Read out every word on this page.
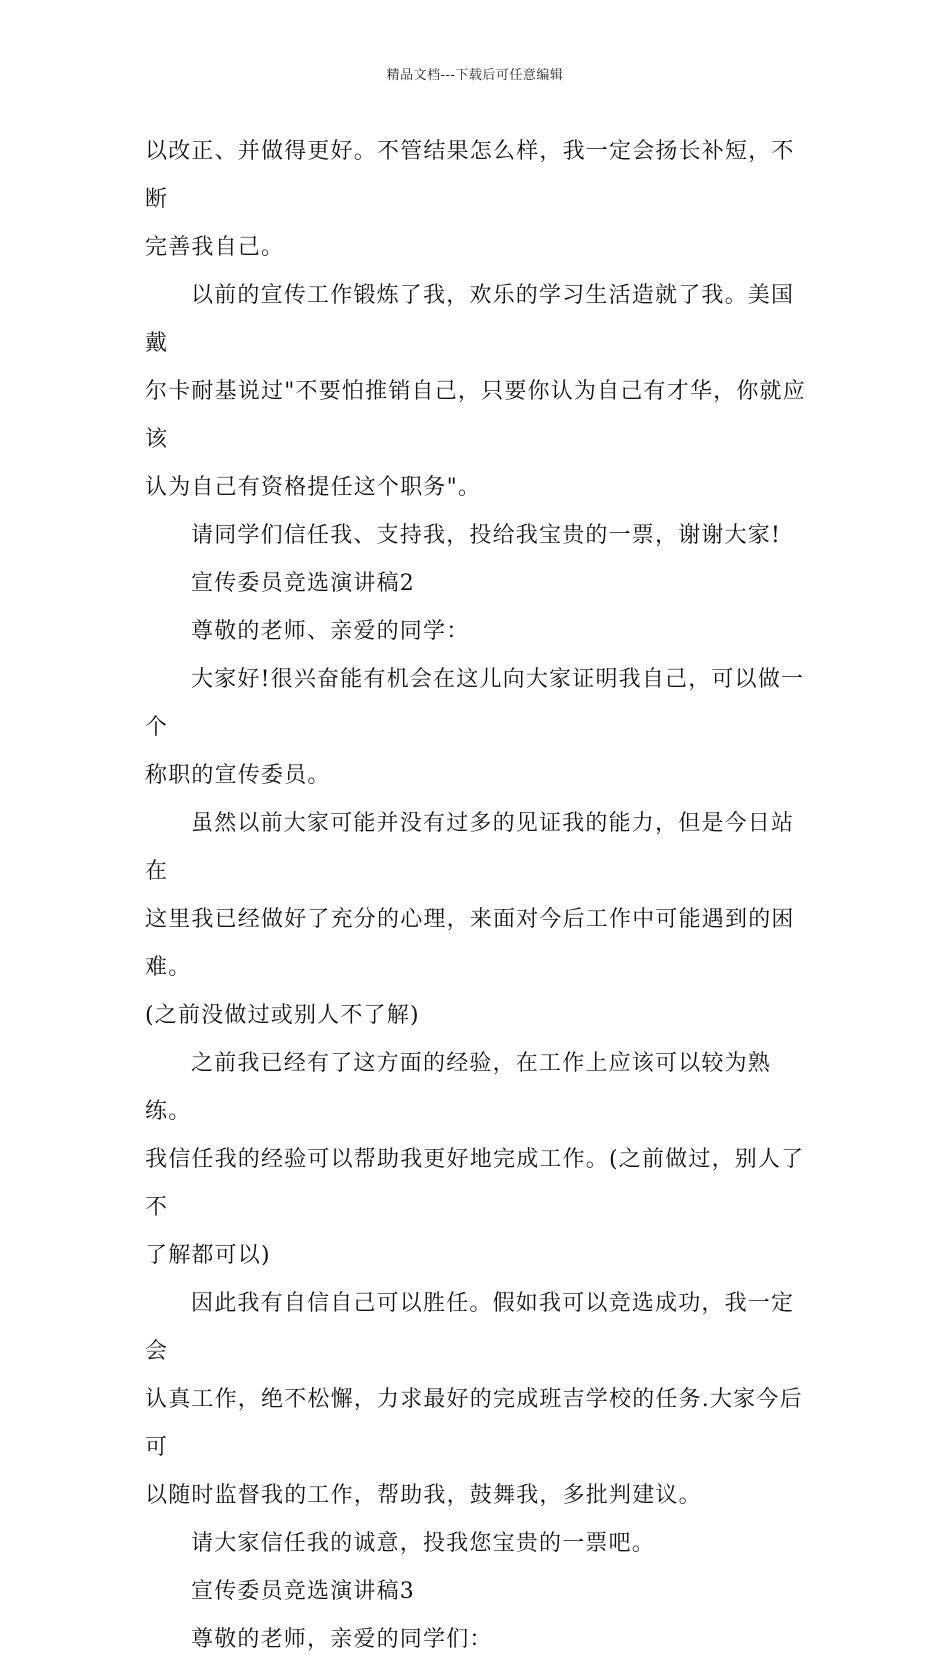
精品文档---下载后可任意编辑

以改正、并做得更好。不管结果怎么样，我一定会扬长补短，不断

完善我自己。

以前的宣传工作锻炼了我，欢乐的学习生活造就了我。美国戴

尔卡耐基说过"不要怕推销自己，只要你认为自己有才华，你就应该

认为自己有资格提任这个职务"。

请同学们信任我、支持我，投给我宝贵的一票，谢谢大家!

宣传委员竞选演讲稿2

尊敬的老师、亲爱的同学：

大家好!很兴奋能有机会在这儿向大家证明我自己，可以做一个

称职的宣传委员。

虽然以前大家可能并没有过多的见证我的能力，但是今日站在

这里我已经做好了充分的心理，来面对今后工作中可能遇到的困难。

(之前没做过或别人不了解)

之前我已经有了这方面的经验，在工作上应该可以较为熟练。

我信任我的经验可以帮助我更好地完成工作。(之前做过，别人了不

了解都可以)

因此我有自信自己可以胜任。假如我可以竞选成功，我一定会

认真工作，绝不松懈，力求最好的完成班吉学校的任务.大家今后可

以随时监督我的工作，帮助我，鼓舞我，多批判建议。

请大家信任我的诚意，投我您宝贵的一票吧。

宣传委员竞选演讲稿3

尊敬的老师，亲爱的同学们：
